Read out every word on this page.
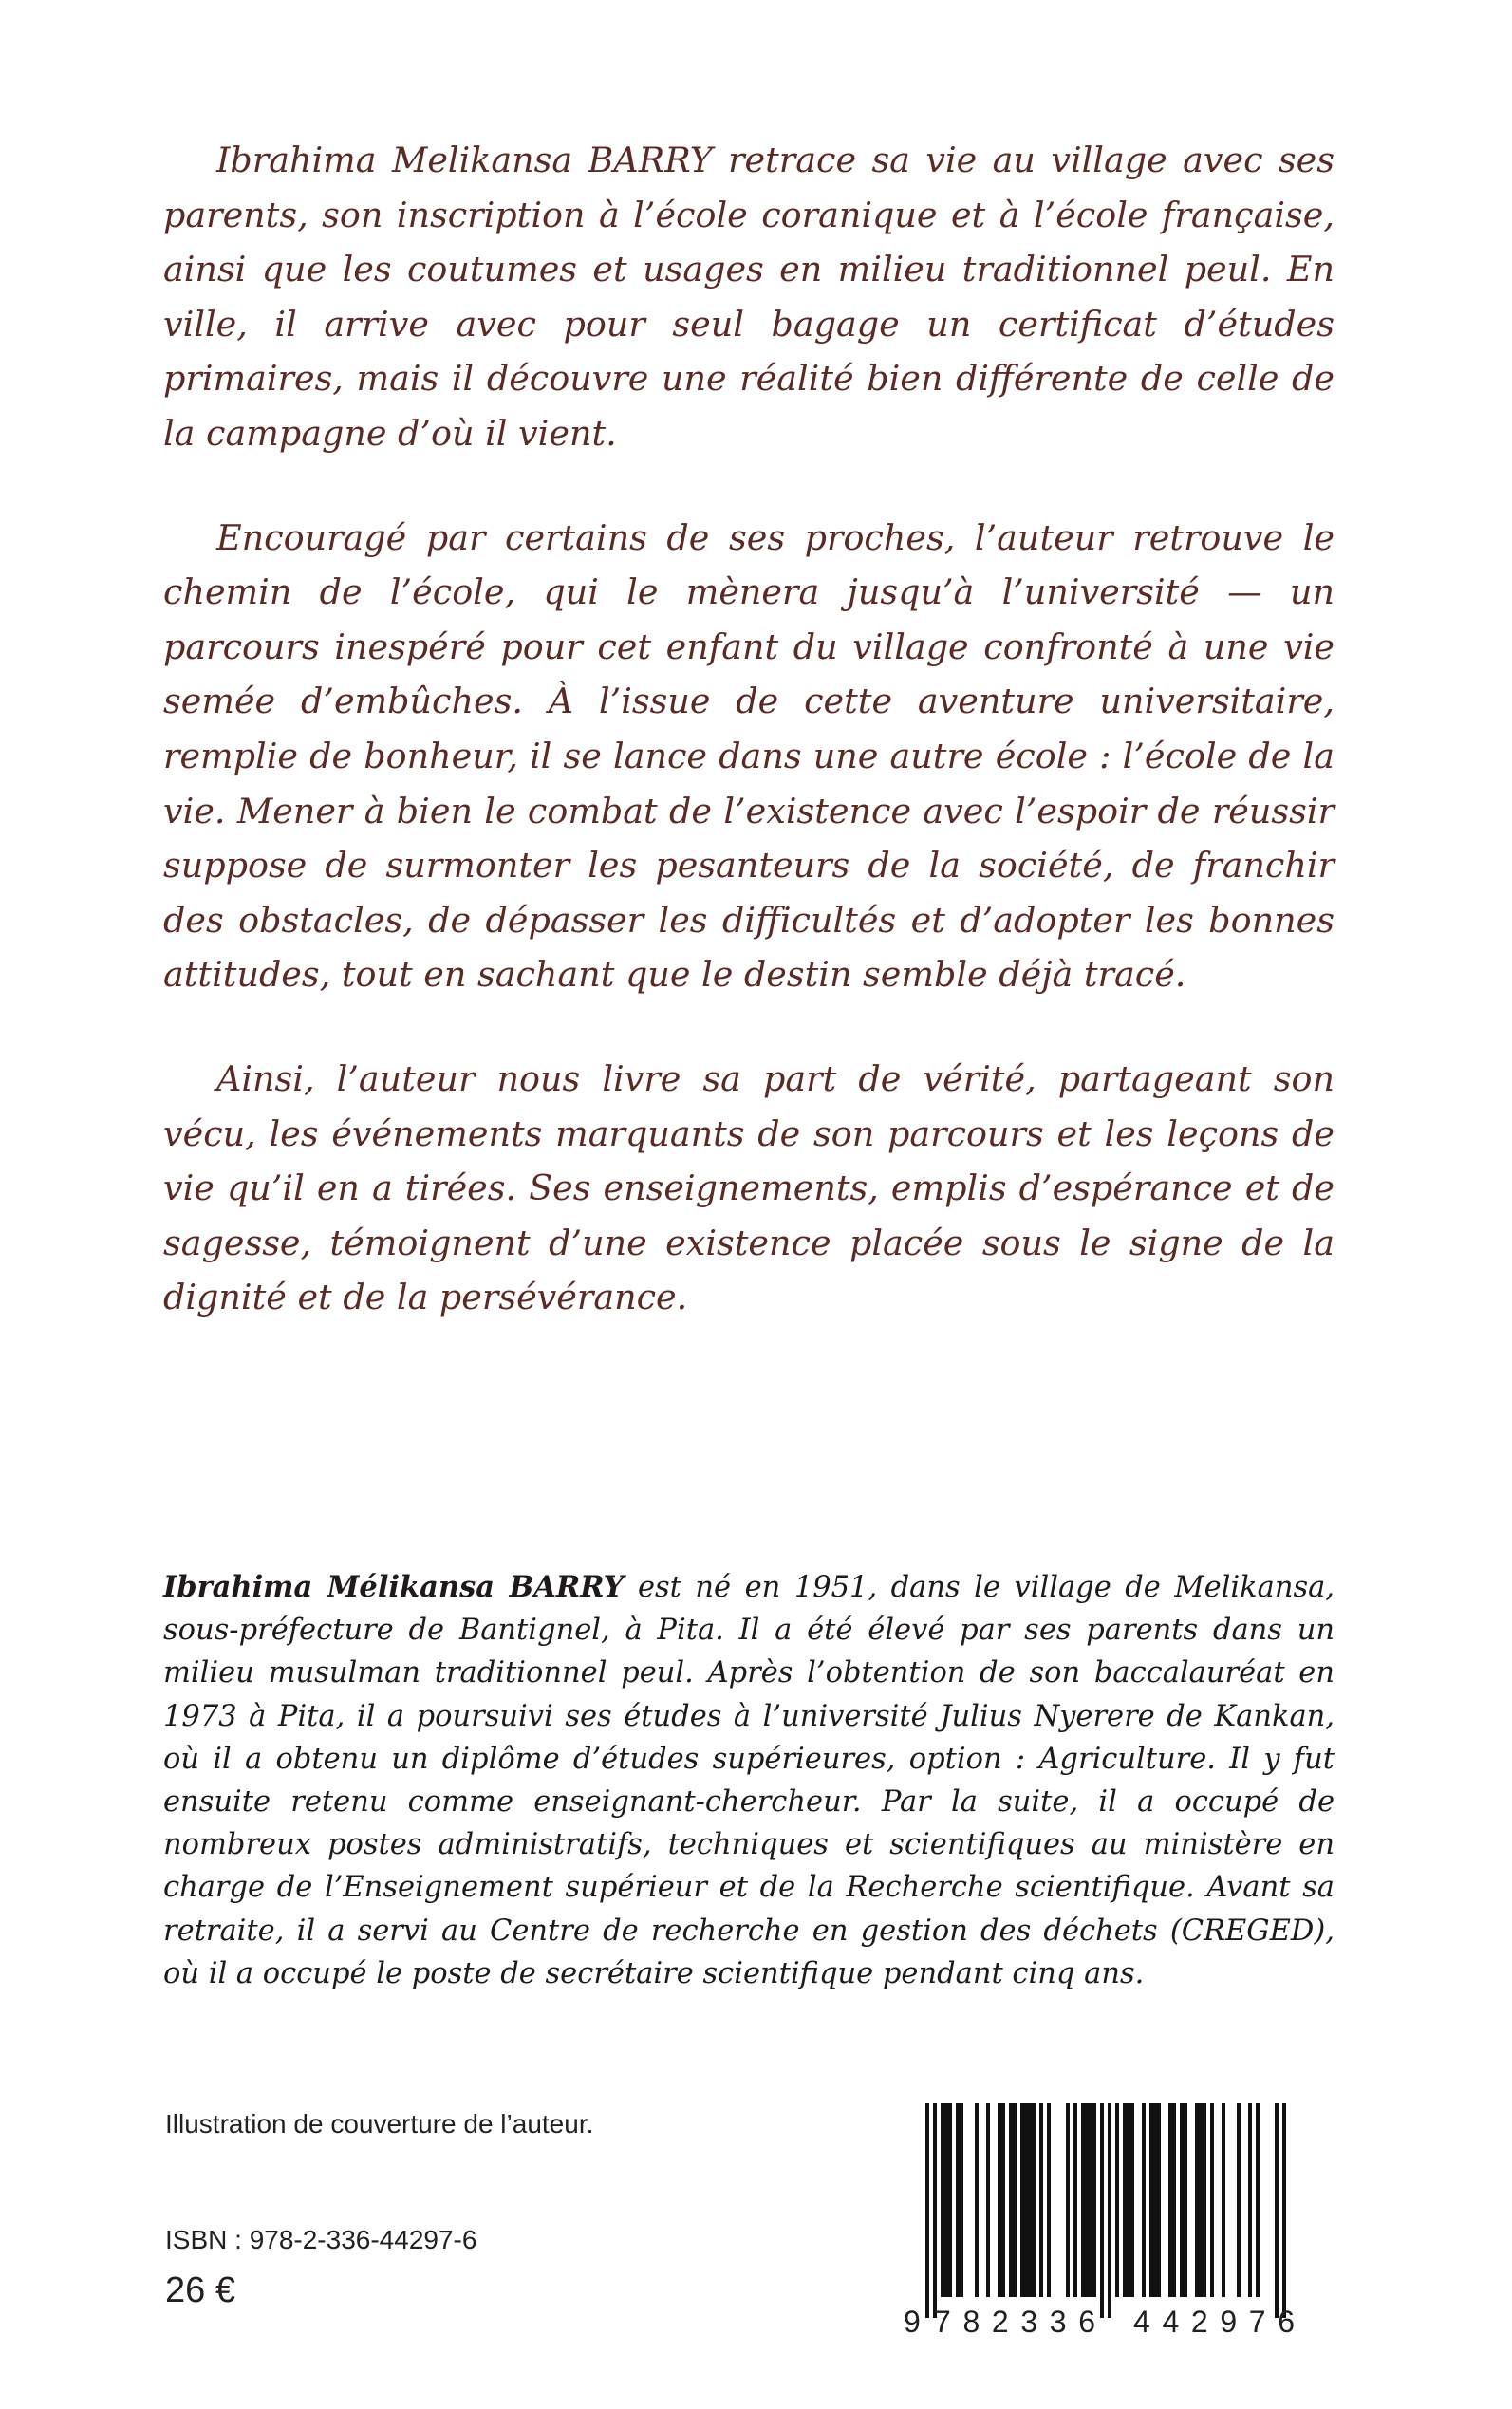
Ibrahima Melikansa BARRY retrace sa vie au village avec ses parents, son inscription à l’école coranique et à l’école française, ainsi que les coutumes et usages en milieu traditionnel peul. En ville, il arrive avec pour seul bagage un certificat d’études primaires, mais il découvre une réalité bien différente de celle de la campagne d’où il vient.

Encouragé par certains de ses proches, l’auteur retrouve le chemin de l’école, qui le mènera jusqu’à l’université — un parcours inespéré pour cet enfant du village confronté à une vie semée d’embûches. À l’issue de cette aventure universitaire, remplie de bonheur, il se lance dans une autre école : l’école de la vie. Mener à bien le combat de l’existence avec l’espoir de réussir suppose de surmonter les pesanteurs de la société, de franchir des obstacles, de dépasser les difficultés et d’adopter les bonnes attitudes, tout en sachant que le destin semble déjà tracé.

Ainsi, l’auteur nous livre sa part de vérité, partageant son vécu, les événements marquants de son parcours et les leçons de vie qu’il en a tirées. Ses enseignements, emplis d’espérance et de sagesse, témoignent d’une existence placée sous le signe de la dignité et de la persévérance.

Ibrahima Mélikansa BARRY est né en 1951, dans le village de Melikansa, sous-préfecture de Bantignel, à Pita. Il a été élevé par ses parents dans un milieu musulman traditionnel peul. Après l’obtention de son baccalauréat en 1973 à Pita, il a poursuivi ses études à l’université Julius Nyerere de Kankan, où il a obtenu un diplôme d’études supérieures, option : Agriculture. Il y fut ensuite retenu comme enseignant-chercheur. Par la suite, il a occupé de nombreux postes administratifs, techniques et scientifiques au ministère en charge de l’Enseignement supérieur et de la Recherche scientifique. Avant sa retraite, il a servi au Centre de recherche en gestion des déchets (CREGED), où il a occupé le poste de secrétaire scientifique pendant cinq ans.

Illustration de couverture de l’auteur.

ISBN : 978-2-336-44297-6

26 €

9 782336 442976
